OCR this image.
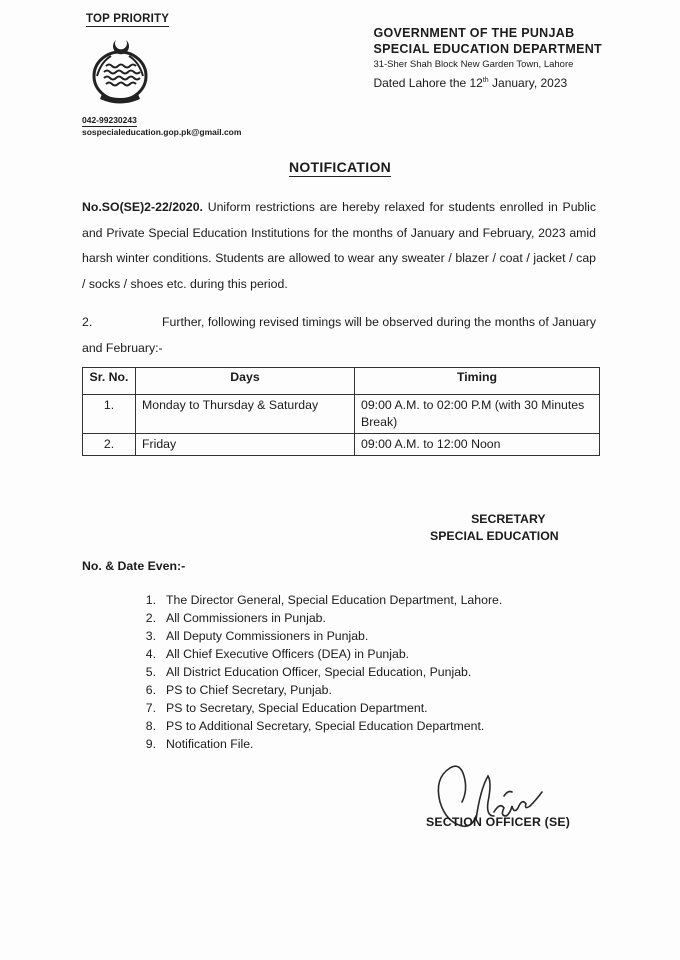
TOP PRIORITY
042-99230243
sospecialeducation.gop.pk@gmail.com
GOVERNMENT OF THE PUNJAB
SPECIAL EDUCATION DEPARTMENT
31-Sher Shah Block New Garden Town, Lahore
Dated Lahore the 12th January, 2023
NOTIFICATION
No.SO(SE)2-22/2020. Uniform restrictions are hereby relaxed for students enrolled in Public and Private Special Education Institutions for the months of January and February, 2023 amid harsh winter conditions. Students are allowed to wear any sweater / blazer / coat / jacket / cap / socks / shoes etc. during this period.
2.	Further, following revised timings will be observed during the months of January and February:-
Sr. No.	Days	Timing
1.	Monday to Thursday & Saturday	09:00 A.M. to 02:00 P.M (with 30 Minutes Break)
2.	Friday	09:00 A.M. to 12:00 Noon
SECRETARY
SPECIAL EDUCATION
No. & Date Even:-
1. The Director General, Special Education Department, Lahore.
2. All Commissioners in Punjab.
3. All Deputy Commissioners in Punjab.
4. All Chief Executive Officers (DEA) in Punjab.
5. All District Education Officer, Special Education, Punjab.
6. PS to Chief Secretary, Punjab.
7. PS to Secretary, Special Education Department.
8. PS to Additional Secretary, Special Education Department.
9. Notification File.
SECTION OFFICER (SE)
